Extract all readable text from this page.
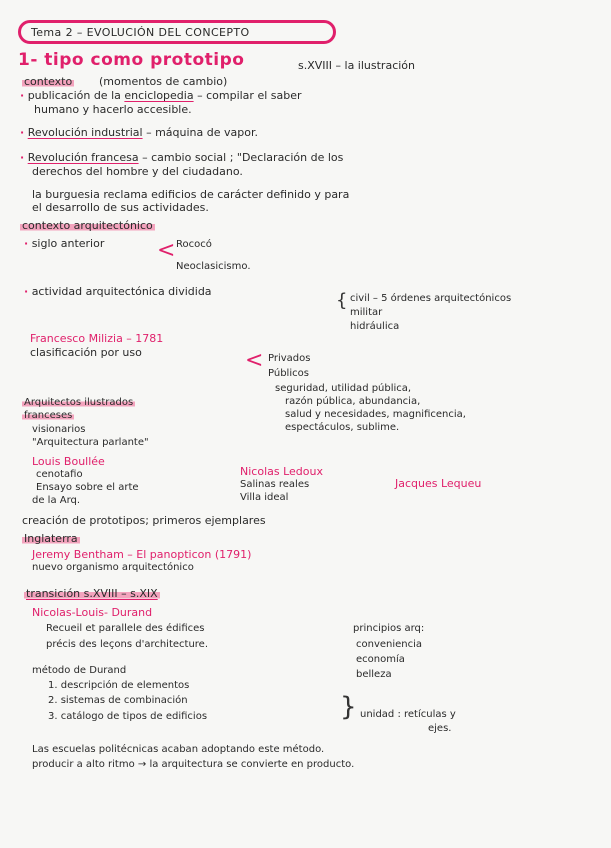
Tema 2 – EVOLUCIÓN DEL CONCEPTO
1- tipo como prototipo	s.XVIII – la ilustración
contexto (momentos de cambio)
· publicación de la enciclopedia – compilar el saber
humano y hacerlo accesible.
· Revolución industrial – máquina de vapor.
· Revolución francesa – cambio social ; "Declaración de los
derechos del hombre y del ciudadano.
la burguesia reclama edificios de carácter definido y para
el desarrollo de sus actividades.
contexto arquitectónico
· siglo anterior < Rococó
Neoclasicismo.
· actividad arquitectónica dividida	{ civil – 5 órdenes arquitectónicos
militar
hidráulica
Francesco Milizia – 1781
clasificación por uso	< Privados
Públicos
seguridad, utilidad pública,
razón pública, abundancia,
salud y necesidades, magnificencia,
espectáculos, sublime.
Arquitectos ilustrados
franceses
visionarios
"Arquitectura parlante"
Louis Boullée
cenotafio
Ensayo sobre el arte
de la Arq.
Nicolas Ledoux
Salinas reales
Villa ideal
Jacques Lequeu
creación de prototipos; primeros ejemplares
Inglaterra
Jeremy Bentham – El panopticon (1791)
nuevo organismo arquitectónico
transición s.XVIII – s.XIX
Nicolas-Louis- Durand
Recueil et parallele des édifices
précis des leçons d'architecture.
principios arq:
conveniencia
economía
belleza
método de Durand
1. descripción de elementos
2. sistemas de combinación
3. catálogo de tipos de edificios	} unidad : retículas y
ejes.
Las escuelas politécnicas acaban adoptando este método.
producir a alto ritmo → la arquitectura se convierte en producto.
